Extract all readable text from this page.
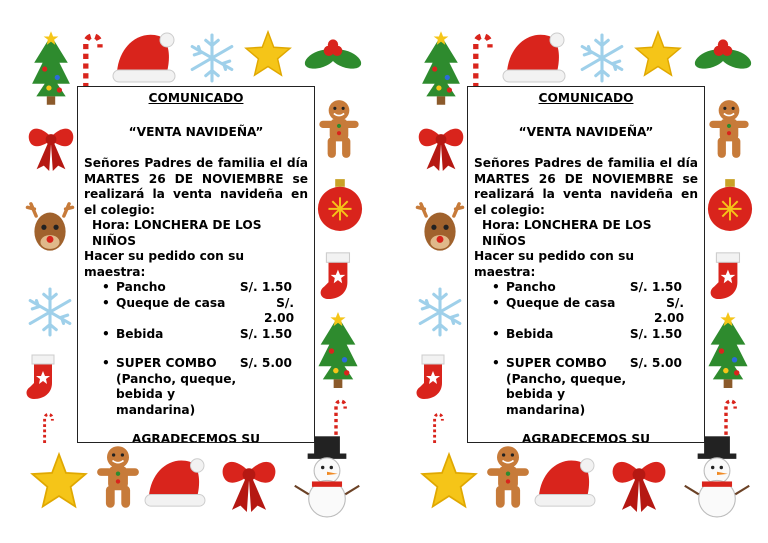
COMUNICADO

“VENTA NAVIDEÑA”

Señores Padres de familia el día MARTES 26 DE NOVIEMBRE se realizará la venta navideña en el colegio:

Hora: LONCHERA DE LOS NIÑOS

Hacer su pedido con su maestra:

• Pancho	S/. 1.50
• Queque de casa	S/. 2.00
• Bebida	S/. 1.50
• SUPER COMBO S/. 5.00
(Pancho, queque, bebida y mandarina)

AGRADECEMOS SU

COMUNICADO

“VENTA NAVIDEÑA”

Señores Padres de familia el día MARTES 26 DE NOVIEMBRE se realizará la venta navideña en el colegio:

Hora: LONCHERA DE LOS NIÑOS

Hacer su pedido con su maestra:

• Pancho	S/. 1.50
• Queque de casa	S/. 2.00
• Bebida	S/. 1.50
• SUPER COMBO S/. 5.00
(Pancho, queque, bebida y mandarina)

AGRADECEMOS SU
